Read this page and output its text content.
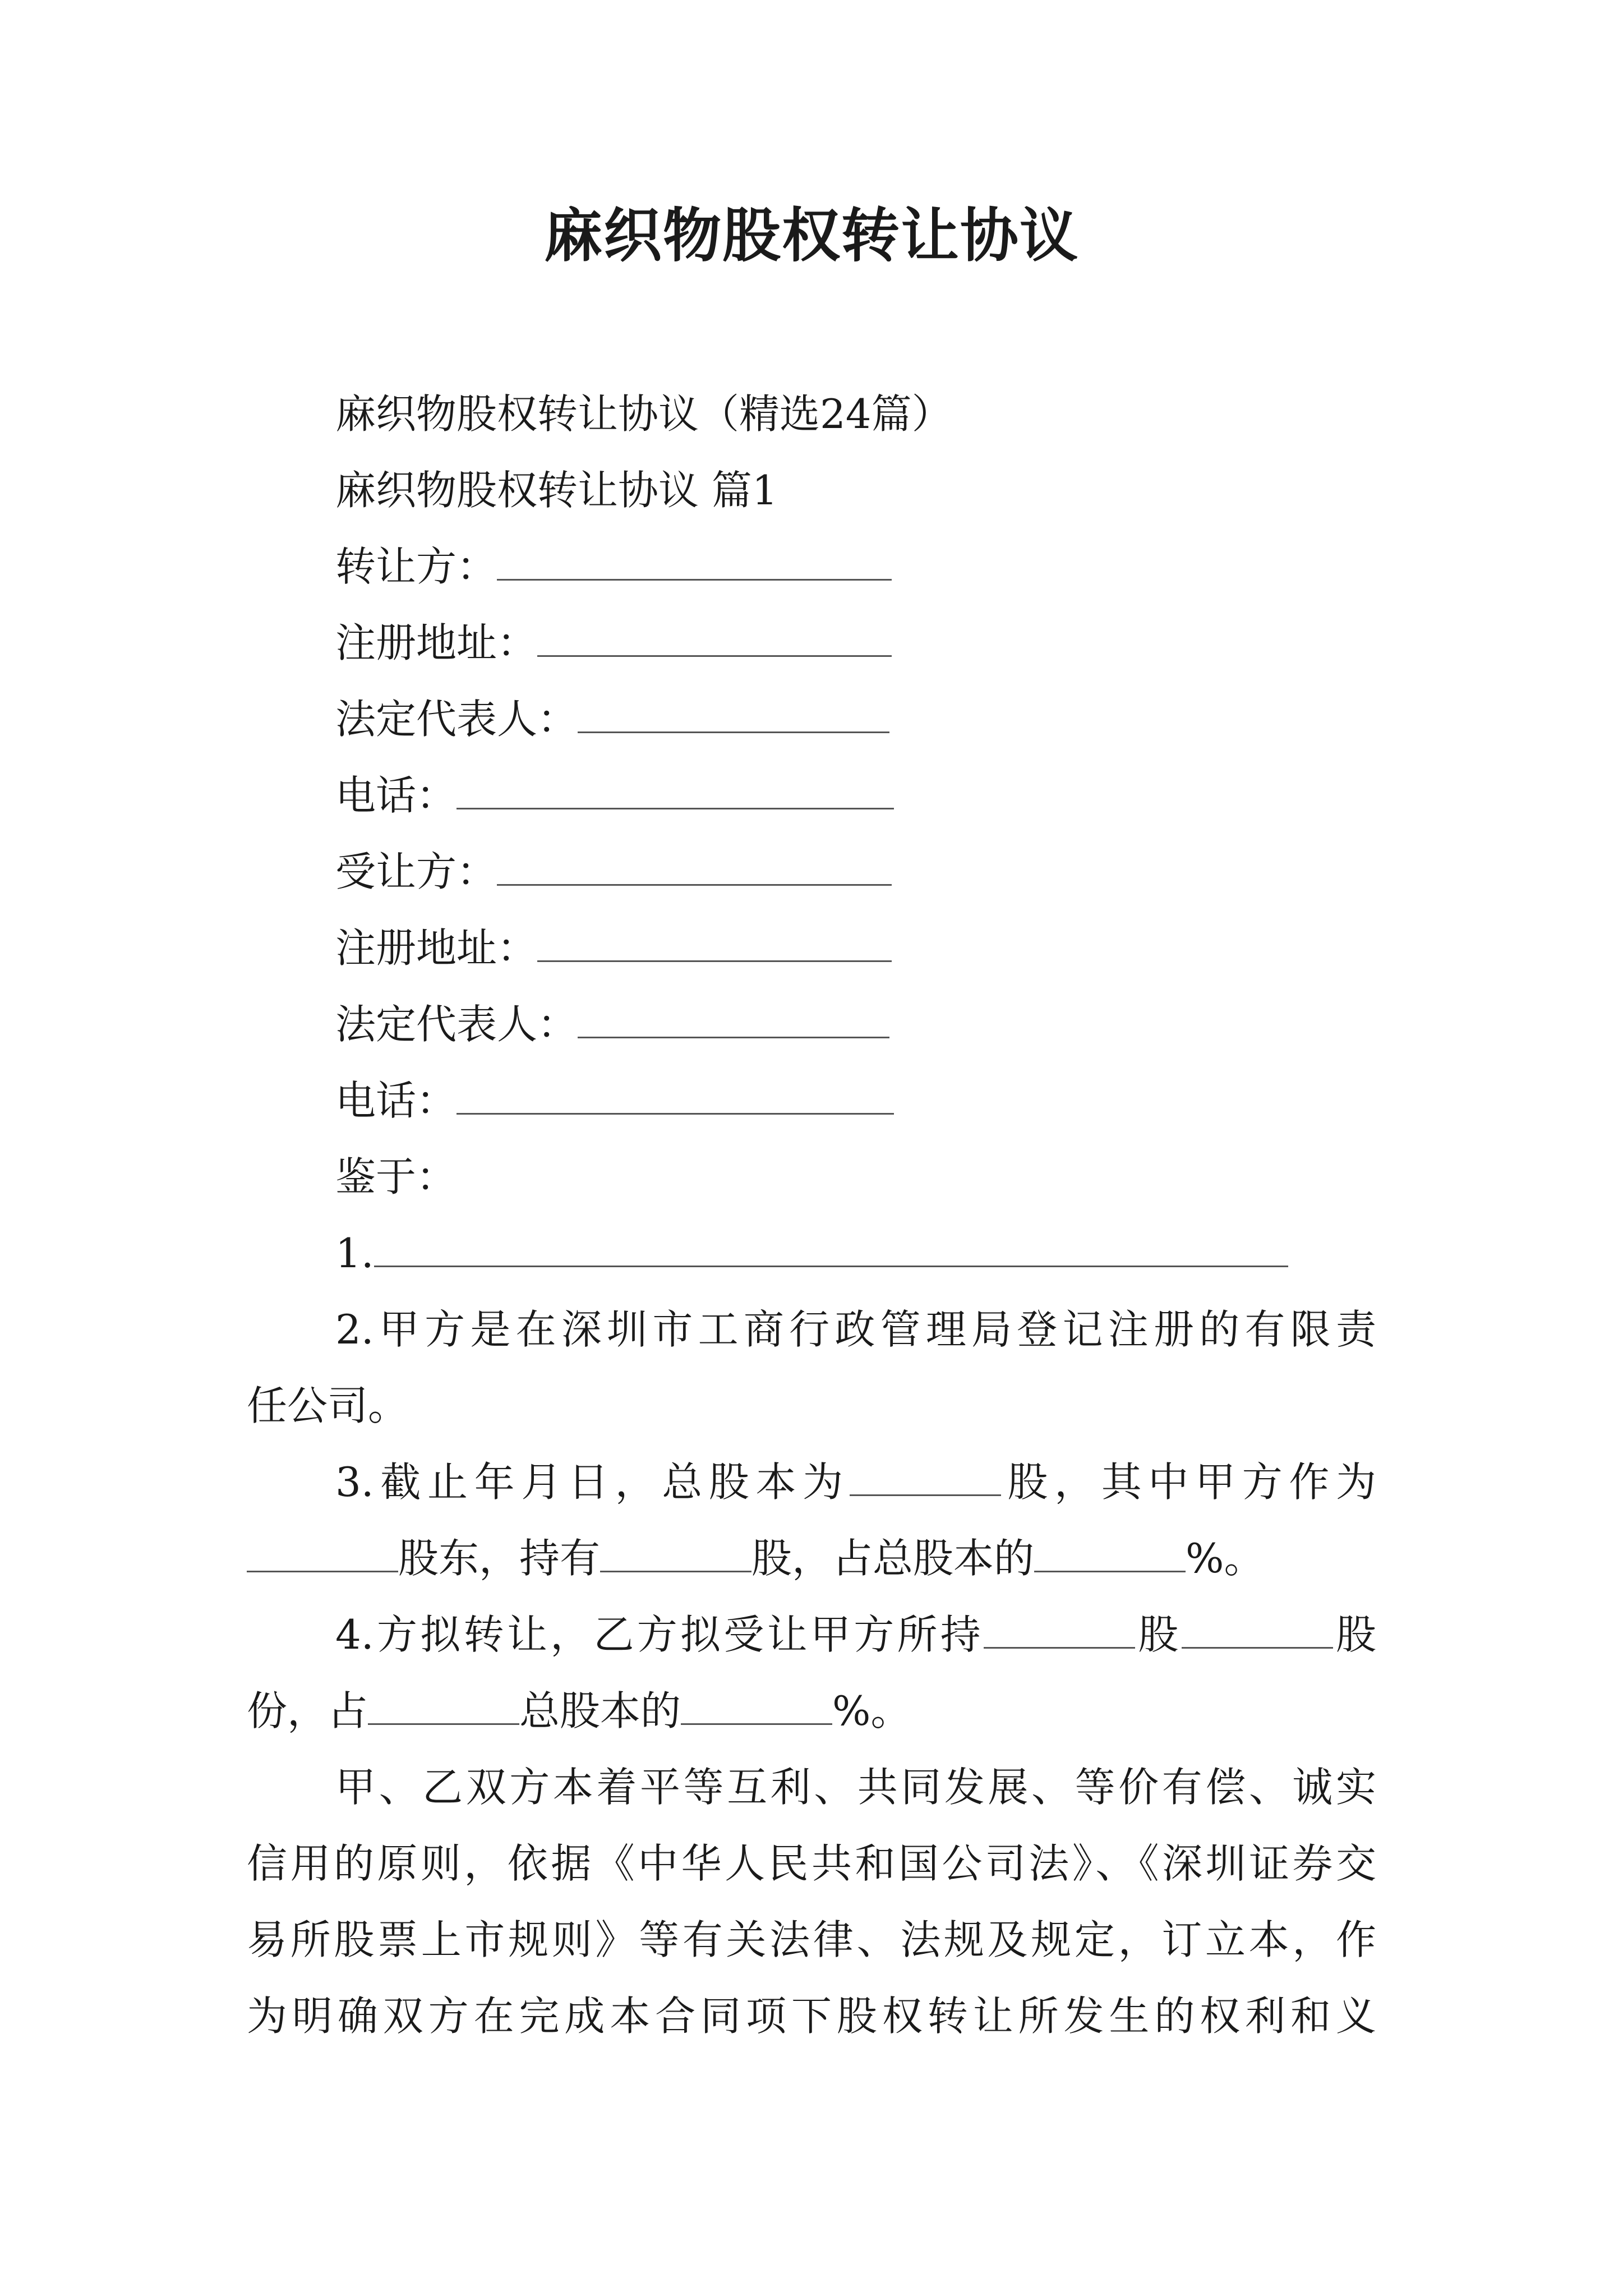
麻织物股权转让协议
麻织物股权转让协议（精选24篇）
麻织物股权转让协议 篇1
转让方：
注册地址：
法定代表人：
电话：
受让方：
注册地址：
法定代表人：
电话：
鉴于：
1.
2.甲方是在深圳市工商行政管理局登记注册的有限责
任公司。
3.截止年月日，总股本为	股，其中甲方作为
股东，持有	股，占总股本的	%。
4.方拟转让，乙方拟受让甲方所持	股	股
份，占	总股本的	%。
甲、乙双方本着平等互利、共同发展、等价有偿、诚实
信用的原则，依据《中华人民共和国公司法》、《深圳证券交
易所股票上市规则》等有关法律、法规及规定，订立本，作
为明确双方在完成本合同项下股权转让所发生的权利和义
